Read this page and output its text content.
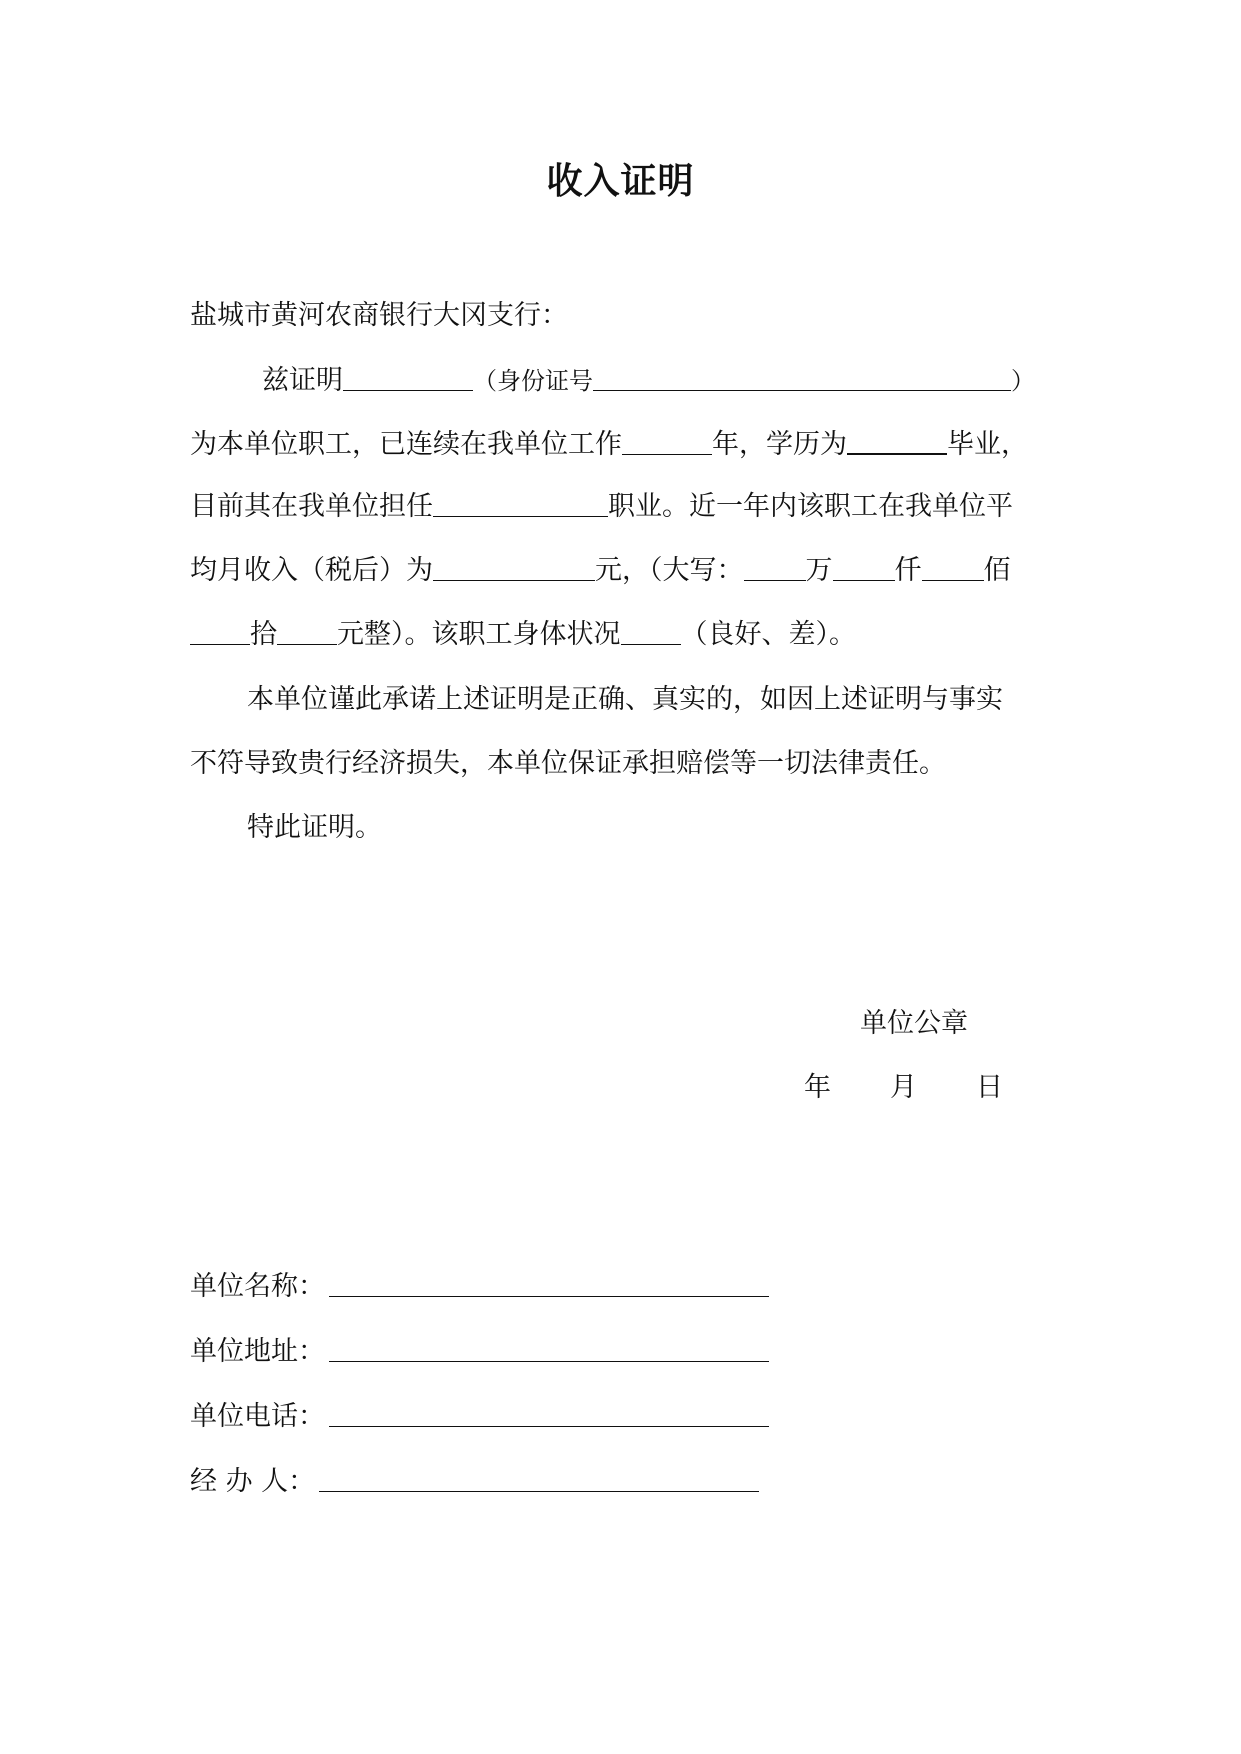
收入证明
盐城市黄河农商银行大冈支行：
兹证明	（身份证号	）
为本单位职工，已连续在我单位工作	年，学历为	毕业，
目前其在我单位担任	职业。近一年内该职工在我单位平
均月收入（税后）为	元，（大写： 万 仟 佰
拾 元整）。该职工身体状况 （良好、差）。
本单位谨此承诺上述证明是正确、真实的，如因上述证明与事实
不符导致贵行经济损失，本单位保证承担赔偿等一切法律责任。
特此证明。
单位公章
年 月 日
单位名称：
单位地址：
单位电话：
经 办 人：
